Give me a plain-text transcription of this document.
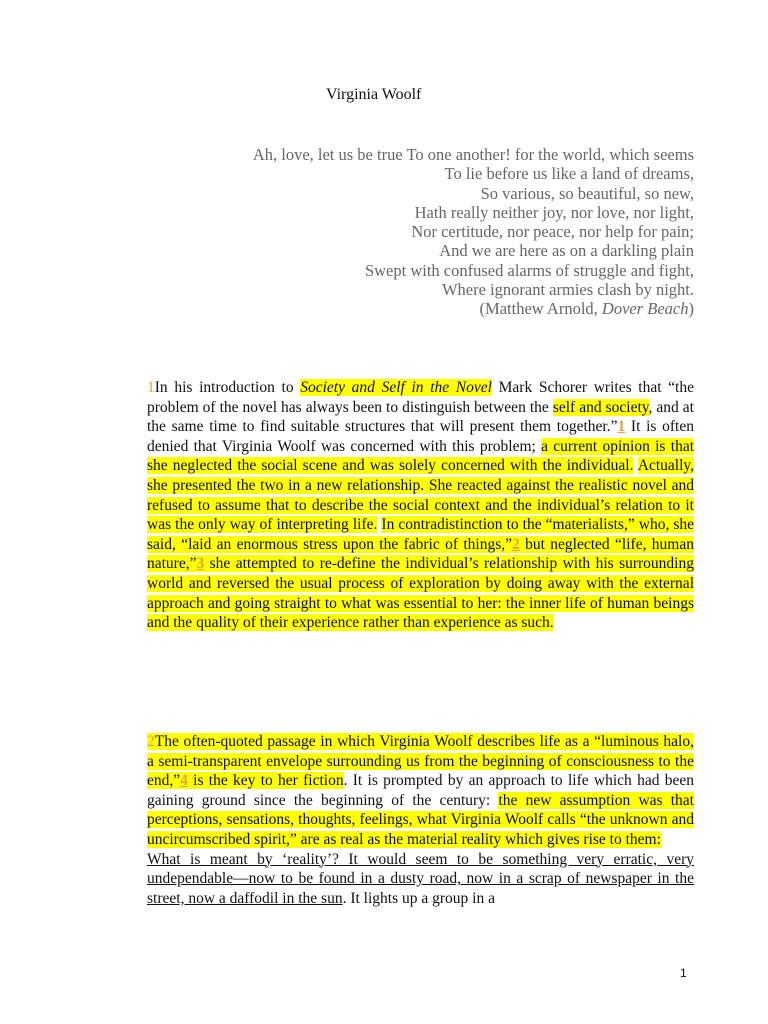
Virginia Woolf
Ah, love, let us be true To one another! for the world, which seems
To lie before us like a land of dreams,
So various, so beautiful, so new,
Hath really neither joy, nor love, nor light,
Nor certitude, nor peace, nor help for pain;
And we are here as on a darkling plain
Swept with confused alarms of struggle and fight,
Where ignorant armies clash by night.
(Matthew Arnold, Dover Beach)
1In his introduction to Society and Self in the Novel Mark Schorer writes that “the problem of the novel has always been to distinguish between the self and society, and at the same time to find suitable structures that will present them together.”1 It is often denied that Virginia Woolf was concerned with this problem; a current opinion is that she neglected the social scene and was solely concerned with the individual. Actually, she presented the two in a new relationship. She reacted against the realistic novel and refused to assume that to describe the social context and the individual’s relation to it was the only way of interpreting life. In contradistinction to the “materialists,” who, she said, “laid an enormous stress upon the fabric of things,”2 but neglected “life, human nature,”3 she attempted to re-define the individual’s relationship with his surrounding world and reversed the usual process of exploration by doing away with the external approach and going straight to what was essential to her: the inner life of human beings and the quality of their experience rather than experience as such.
2The often-quoted passage in which Virginia Woolf describes life as a “luminous halo, a semi-transparent envelope surrounding us from the beginning of consciousness to the end,”4 is the key to her fiction. It is prompted by an approach to life which had been gaining ground since the beginning of the century: the new assumption was that perceptions, sensations, thoughts, feelings, what Virginia Woolf calls “the unknown and uncircumscribed spirit,” are as real as the material reality which gives rise to them:
What is meant by ‘reality’? It would seem to be something very erratic, very undependable—now to be found in a dusty road, now in a scrap of newspaper in the street, now a daffodil in the sun. It lights up a group in a
1
